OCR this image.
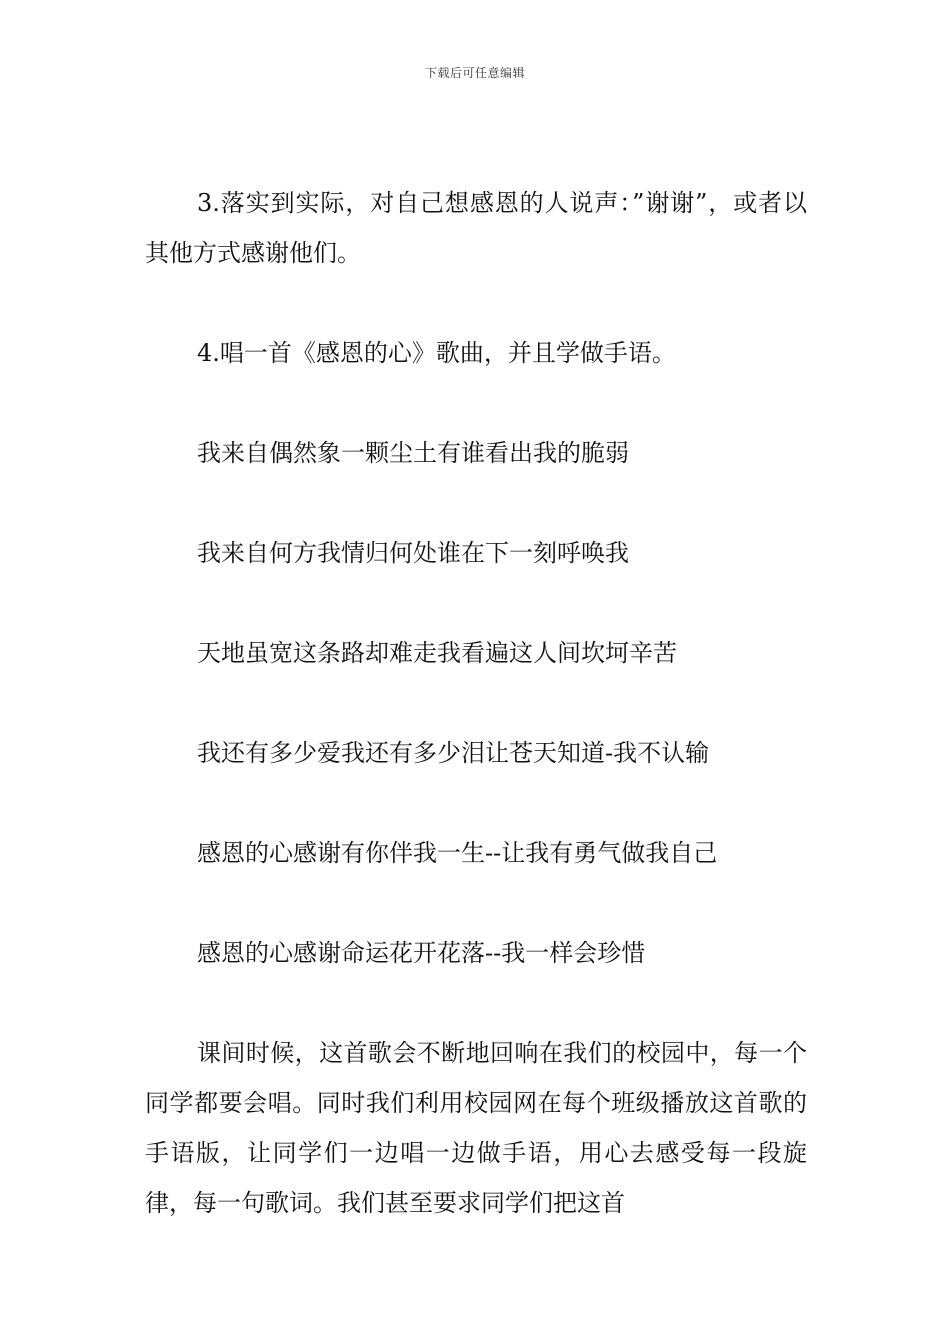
下载后可任意编辑

3.落实到实际，对自己想感恩的人说声：”谢谢”，或者以其他方式感谢他们。

4.唱一首《感恩的心》歌曲，并且学做手语。

我来自偶然象一颗尘土有谁看出我的脆弱

我来自何方我情归何处谁在下一刻呼唤我

天地虽宽这条路却难走我看遍这人间坎坷辛苦

我还有多少爱我还有多少泪让苍天知道-我不认输

感恩的心感谢有你伴我一生--让我有勇气做我自己

感恩的心感谢命运花开花落--我一样会珍惜

课间时候，这首歌会不断地回响在我们的校园中，每一个同学都要会唱。同时我们利用校园网在每个班级播放这首歌的手语版，让同学们一边唱一边做手语，用心去感受每一段旋律，每一句歌词。我们甚至要求同学们把这首
